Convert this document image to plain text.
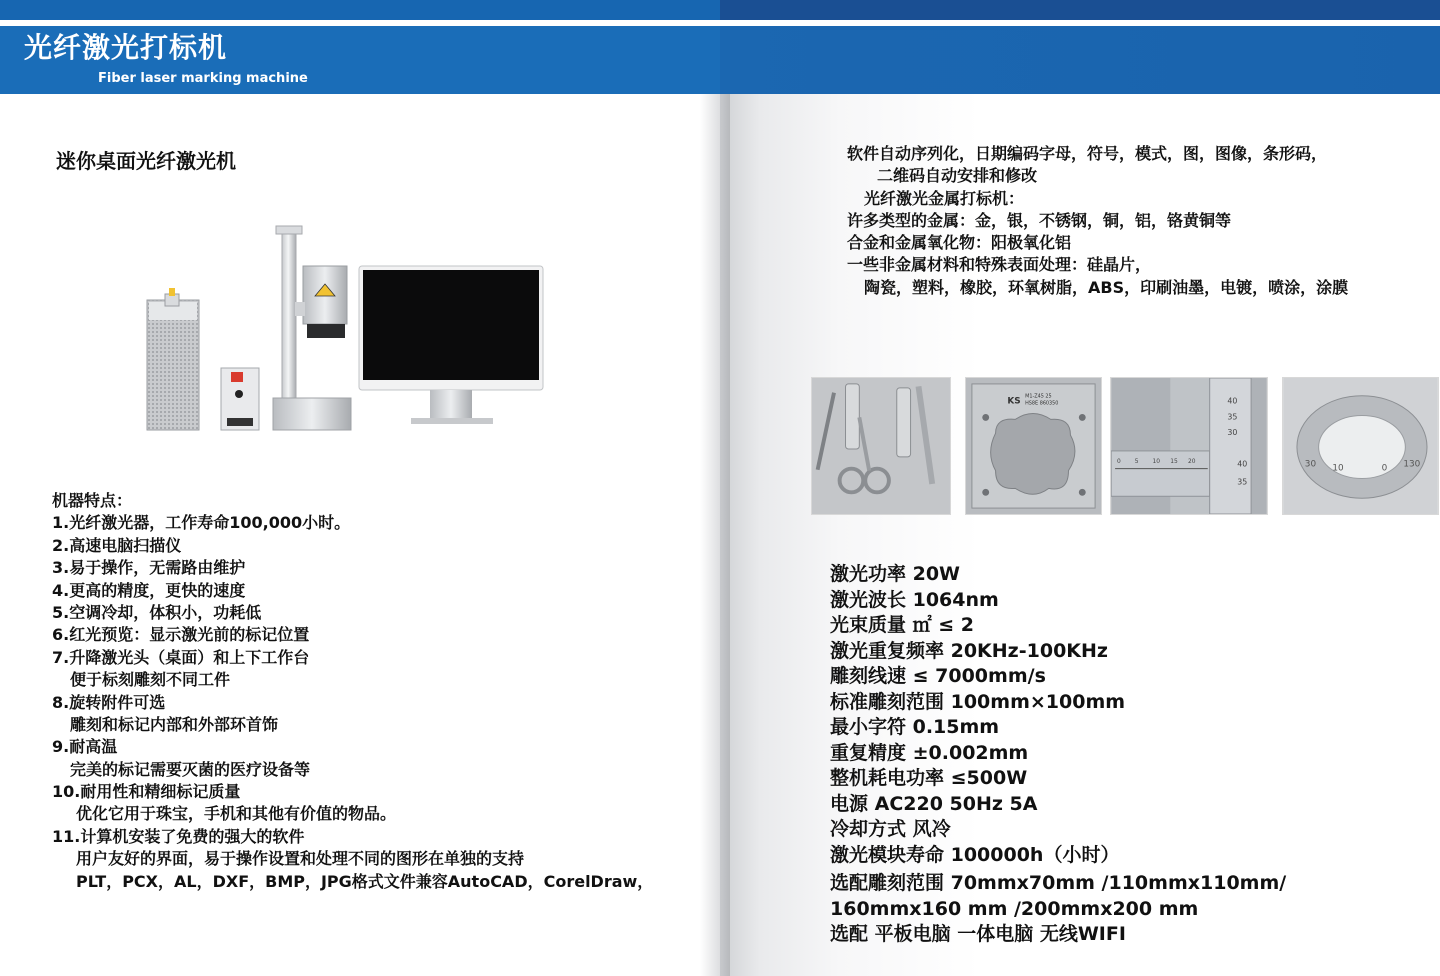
光纤激光打标机
Fiber laser marking machine
迷你桌面光纤激光机
机器特点：
1.光纤激光器，工作寿命100,000小时。
2.高速电脑扫描仪
3.易于操作，无需路由维护
4.更高的精度，更快的速度
5.空调冷却，体积小，功耗低
6.红光预览：显示激光前的标记位置
7.升降激光头（桌面）和上下工作台
便于标刻雕刻不同工件
8.旋转附件可选
雕刻和标记内部和外部环首饰
9.耐高温
完美的标记需要灭菌的医疗设备等
10.耐用性和精细标记质量
优化它用于珠宝，手机和其他有价值的物品。
11.计算机安装了免费的强大的软件
用户友好的界面，易于操作设置和处理不同的图形在单独的支持
PLT，PCX，AL，DXF，BMP，JPG格式文件兼容AutoCAD，CorelDraw，
软件自动序列化，日期编码字母，符号，模式，图，图像，条形码，
二维码自动安排和修改
光纤激光金属打标机：
许多类型的金属：金，银，不锈钢，铜，铝，铬黄铜等
合金和金属氧化物：阳极氧化铝
一些非金属材料和特殊表面处理：硅晶片，
陶瓷，塑料，橡胶，环氧树脂，ABS，印刷油墨，电镀，喷涂，涂膜
KS M1-Z45 25
HS8E 860350	40
35
30
0 5 10 15 20	40
35
30 10	0 130
激光功率 20W
激光波长 1064nm
光束质量 ㎡ ≤ 2
激光重复频率 20KHz-100KHz
雕刻线速 ≤ 7000mm/s
标准雕刻范围 100mm×100mm
最小字符 0.15mm
重复精度 ±0.002mm
整机耗电功率 ≤500W
电源 AC220 50Hz 5A
冷却方式 风冷
激光模块寿命 100000h（小时）
选配雕刻范围 70mmx70mm /110mmx110mm/
160mmx160 mm /200mmx200 mm
选配 平板电脑 一体电脑 无线WIFI
